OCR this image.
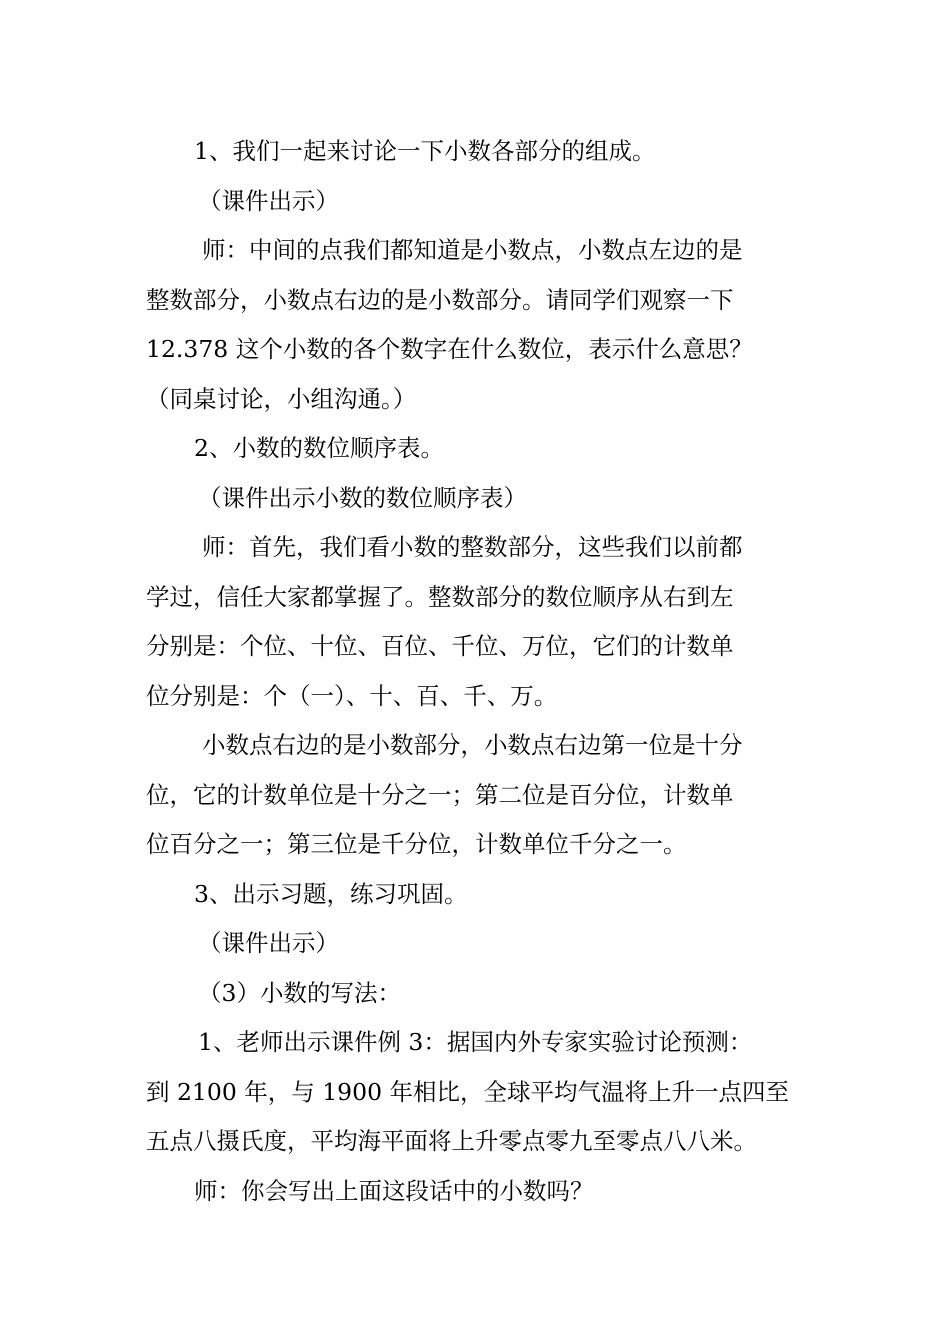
1、我们一起来讨论一下小数各部分的组成。
（课件出示）
师：中间的点我们都知道是小数点，小数点左边的是
整数部分，小数点右边的是小数部分。请同学们观察一下
12.378 这个小数的各个数字在什么数位，表示什么意思？
（同桌讨论，小组沟通。）
2、小数的数位顺序表。
（课件出示小数的数位顺序表）
师：首先，我们看小数的整数部分，这些我们以前都
学过，信任大家都掌握了。整数部分的数位顺序从右到左
分别是：个位、十位、百位、千位、万位，它们的计数单
位分别是：个（一）、十、百、千、万。
小数点右边的是小数部分，小数点右边第一位是十分
位，它的计数单位是十分之一；第二位是百分位，计数单
位百分之一；第三位是千分位，计数单位千分之一。
3、出示习题，练习巩固。
（课件出示）
（3）小数的写法：
1、老师出示课件例 3：据国内外专家实验讨论预测：
到 2100 年，与 1900 年相比，全球平均气温将上升一点四至
五点八摄氏度，平均海平面将上升零点零九至零点八八米。
师：你会写出上面这段话中的小数吗？
